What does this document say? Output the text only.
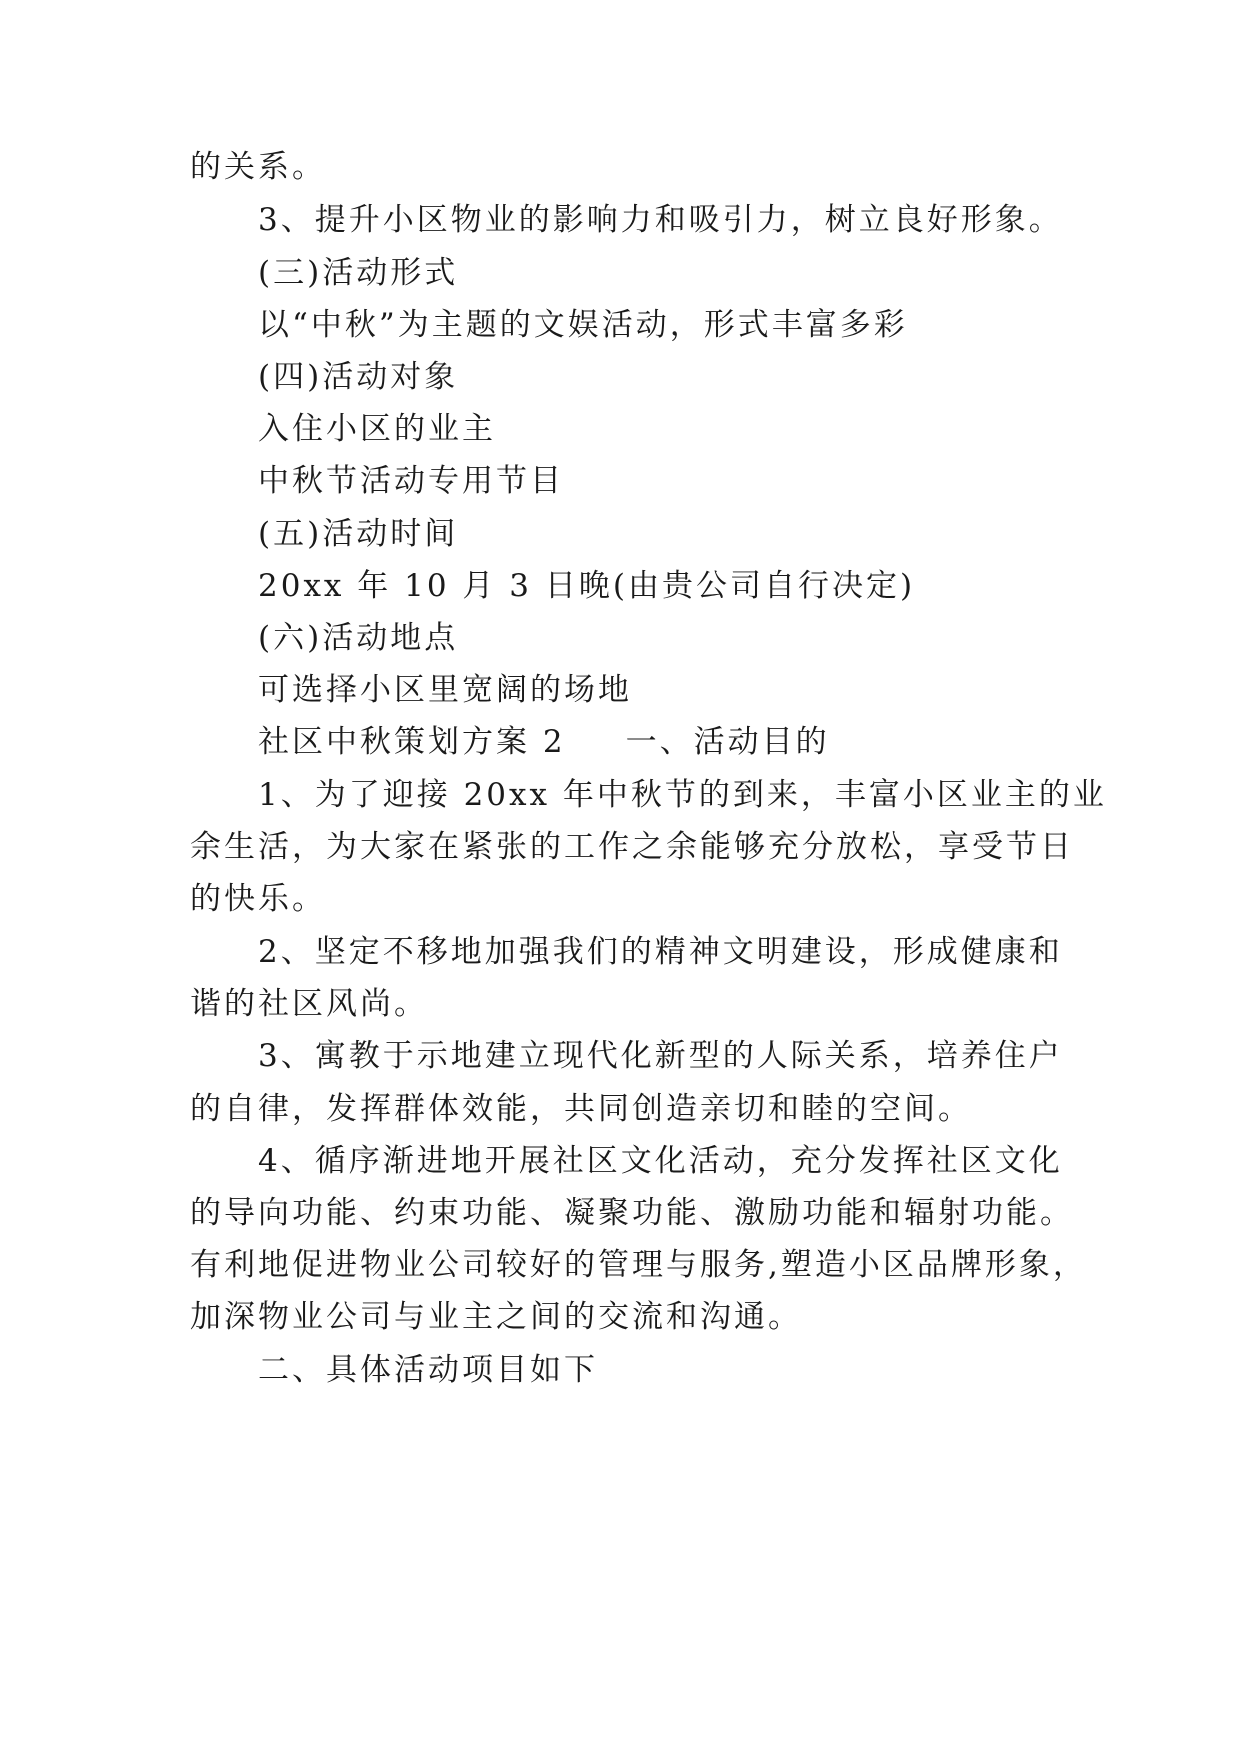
的关系。
3、提升小区物业的影响力和吸引力，树立良好形象。
(三)活动形式
以“中秋”为主题的文娱活动，形式丰富多彩
(四)活动对象
入住小区的业主
中秋节活动专用节目
(五)活动时间
20xx 年 10 月 3 日晚(由贵公司自行决定)
(六)活动地点
可选择小区里宽阔的场地
社区中秋策划方案 2 一、活动目的
1、为了迎接 20xx 年中秋节的到来，丰富小区业主的业
余生活，为大家在紧张的工作之余能够充分放松，享受节日
的快乐。
2、坚定不移地加强我们的精神文明建设，形成健康和
谐的社区风尚。
3、寓教于示地建立现代化新型的人际关系，培养住户
的自律，发挥群体效能，共同创造亲切和睦的空间。
4、循序渐进地开展社区文化活动，充分发挥社区文化
的导向功能、约束功能、凝聚功能、激励功能和辐射功能。
有利地促进物业公司较好的管理与服务,塑造小区品牌形象，
加深物业公司与业主之间的交流和沟通。
二、具体活动项目如下
